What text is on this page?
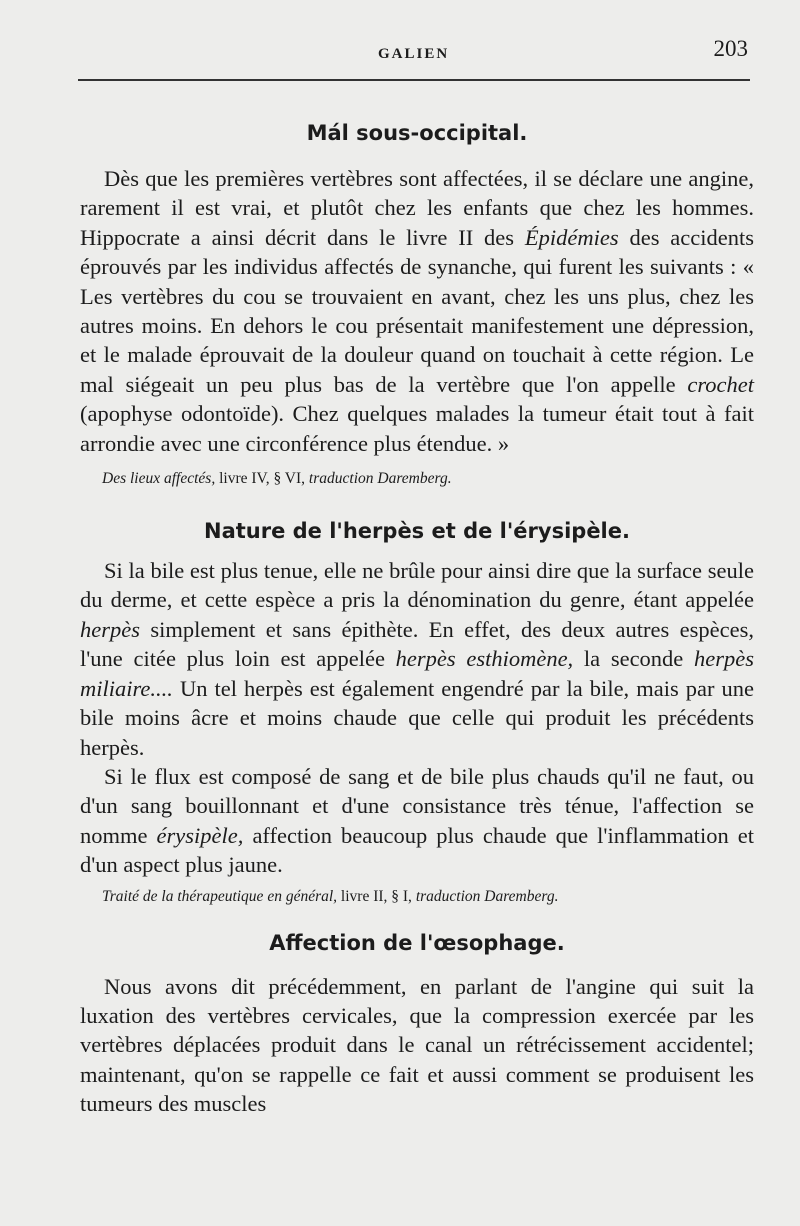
GALIEN	203
Mál sous-occipital.

Dès que les premières vertèbres sont affectées, il se déclare une angine, rarement il est vrai, et plutôt chez les enfants que chez les hommes. Hippocrate a ainsi décrit dans le livre II des Épidémies des accidents éprouvés par les individus affectés de synanche, qui furent les suivants : « Les vertèbres du cou se trouvaient en avant, chez les uns plus, chez les autres moins. En dehors le cou présentait manifestement une dépression, et le malade éprouvait de la douleur quand on touchait à cette région. Le mal siégeait un peu plus bas de la vertèbre que l'on appelle crochet (apophyse odontoïde). Chez quelques malades la tumeur était tout à fait arrondie avec une circonférence plus étendue. »

Des lieux affectés, livre IV, § VI, traduction Daremberg.

Nature de l'herpès et de l'érysipèle.

Si la bile est plus tenue, elle ne brûle pour ainsi dire que la surface seule du derme, et cette espèce a pris la dénomination du genre, étant appelée herpès simplement et sans épithète. En effet, des deux autres espèces, l'une citée plus loin est appelée herpès esthiomène, la seconde herpès miliaire.... Un tel herpès est également engendré par la bile, mais par une bile moins âcre et moins chaude que celle qui produit les précédents herpès.

Si le flux est composé de sang et de bile plus chauds qu'il ne faut, ou d'un sang bouillonnant et d'une consistance très ténue, l'affection se nomme érysipèle, affection beaucoup plus chaude que l'inflammation et d'un aspect plus jaune.

Traité de la thérapeutique en général, livre II, § I, traduction Daremberg.

Affection de l'œsophage.

Nous avons dit précédemment, en parlant de l'angine qui suit la luxation des vertèbres cervicales, que la compression exercée par les vertèbres déplacées produit dans le canal un rétrécissement accidentel; maintenant, qu'on se rappelle ce fait et aussi comment se produisent les tumeurs des muscles
